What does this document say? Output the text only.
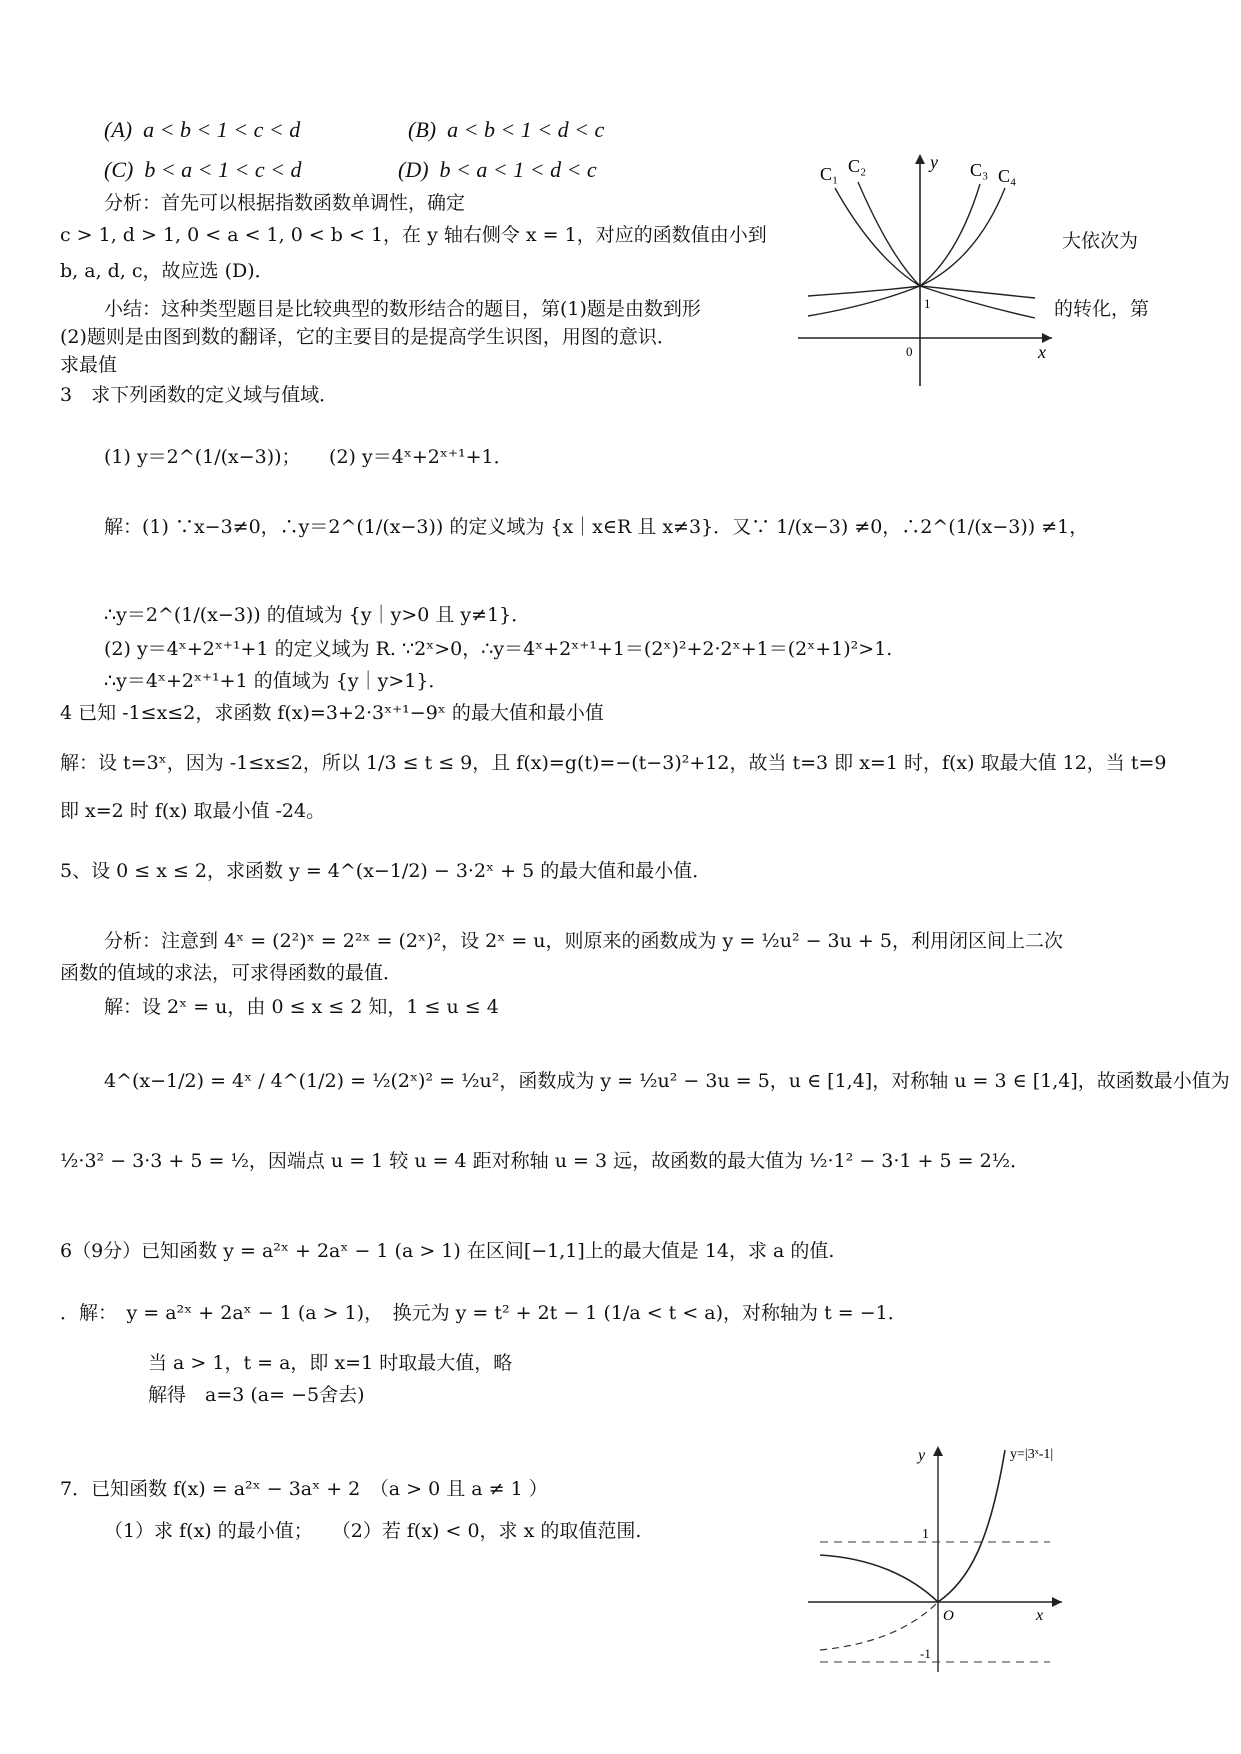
(A) a < b < 1 < c < d	(B) a < b < 1 < d < c
(C) b < a < 1 < c < d	(D) b < a < 1 < d < c
分析：首先可以根据指数函数单调性，确定
c > 1, d > 1, 0 < a < 1, 0 < b < 1，在 y 轴右侧令 x = 1，对应的函数值由小到	大依次为
b, a, d, c，故应选 (D)．
小结：这种类型题目是比较典型的数形结合的题目，第(1)题是由数到形	的转化，第
(2)题则是由图到数的翻译，它的主要目的是提高学生识图，用图的意识．
求最值
C₁ C₂	C₃ C₄
y
x
0
1
3　求下列函数的定义域与值域．
(1) y＝2^(1/(x−3))；　　(2) y＝4ˣ+2ˣ⁺¹+1．
解：(1) ∵x−3≠0，∴y＝2^(1/(x−3)) 的定义域为 {x｜x∈R 且 x≠3}．又∵ 1/(x−3) ≠0，∴2^(1/(x−3)) ≠1，
∴y＝2^(1/(x−3)) 的值域为 {y｜y>0 且 y≠1}．
(2) y＝4ˣ+2ˣ⁺¹+1 的定义域为 R. ∵2ˣ>0，∴y＝4ˣ+2ˣ⁺¹+1＝(2ˣ)²+2·2ˣ+1＝(2ˣ+1)²>1.
∴y＝4ˣ+2ˣ⁺¹+1 的值域为 {y｜y>1}．
4 已知 -1≤x≤2，求函数 f(x)=3+2·3ˣ⁺¹−9ˣ 的最大值和最小值
解：设 t=3ˣ，因为 -1≤x≤2，所以 1/3 ≤ t ≤ 9，且 f(x)=g(t)=−(t−3)²+12，故当 t=3 即 x=1 时，f(x) 取最大值 12，当 t=9
即 x=2 时 f(x) 取最小值 -24。
5、设 0 ≤ x ≤ 2，求函数 y = 4^(x−1/2) − 3·2ˣ + 5 的最大值和最小值．
分析：注意到 4ˣ = (2²)ˣ = 2²ˣ = (2ˣ)²，设 2ˣ = u，则原来的函数成为 y = ½u² − 3u + 5，利用闭区间上二次
函数的值域的求法，可求得函数的最值．
解：设 2ˣ = u，由 0 ≤ x ≤ 2 知，1 ≤ u ≤ 4
4^(x−1/2) = 4ˣ / 4^(1/2) = ½(2ˣ)² = ½u²，函数成为 y = ½u² − 3u = 5，u ∈ [1,4]，对称轴 u = 3 ∈ [1,4]，故函数最小值为
½·3² − 3·3 + 5 = ½，因端点 u = 1 较 u = 4 距对称轴 u = 3 远，故函数的最大值为 ½·1² − 3·1 + 5 = 2½．
6（9分）已知函数 y = a²ˣ + 2aˣ − 1 (a > 1) 在区间[−1,1]上的最大值是 14，求 a 的值.
．解：　y = a²ˣ + 2aˣ − 1 (a > 1)，　换元为 y = t² + 2t − 1 (1/a < t < a)，对称轴为 t = −1．
当 a > 1，t = a，即 x=1 时取最大值，略
解得　a=3 (a= −5舍去)
7．已知函数 f(x) = a²ˣ − 3aˣ + 2　（a > 0 且 a ≠ 1 ）
（1）求 f(x) 的最小值；　　（2）若 f(x) < 0，求 x 的取值范围.
y=|3ˣ-1|
y
x
O
1
-1
